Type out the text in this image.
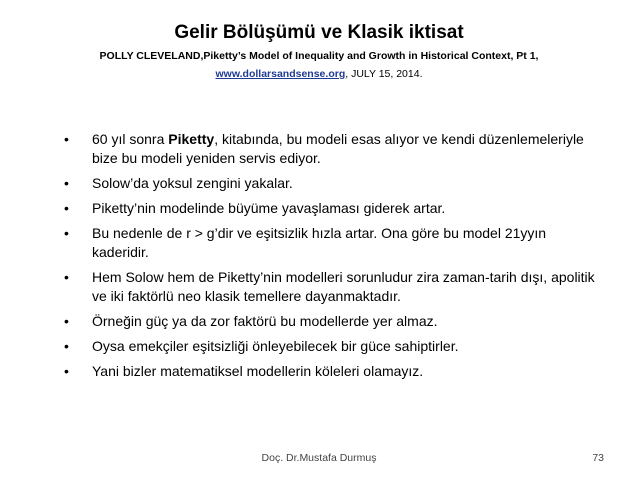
Gelir Bölüşümü ve Klasik iktisat
POLLY CLEVELAND,Piketty’s Model of Inequality and Growth in Historical Context, Pt 1,
www.dollarsandsense.org, JULY 15, 2014.
• 60 yıl sonra Piketty, kitabında, bu modeli esas alıyor ve kendi düzenlemeleriyle bize bu modeli yeniden servis ediyor.
• Solow’da yoksul zengini yakalar.
• Piketty’nin modelinde büyüme yavaşlaması giderek artar.
• Bu nedenle de r > g’dir ve eşitsizlik hızla artar. Ona göre bu model 21yyın kaderidir.
• Hem Solow hem de Piketty’nin modelleri sorunludur zira zaman-tarih dışı, apolitik ve iki faktörlü neo klasik temellere dayanmaktadır.
• Örneğin güç ya da zor faktörü bu modellerde yer almaz.
• Oysa emekçiler eşitsizliği önleyebilecek bir güce sahiptirler.
• Yani bizler matematiksel modellerin köleleri olamayız.
Doç. Dr.Mustafa Durmuş	73
